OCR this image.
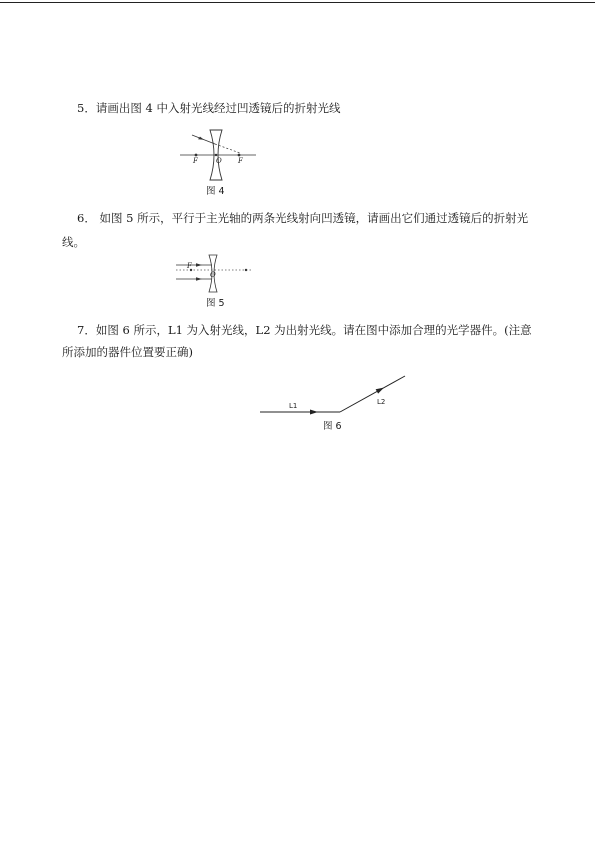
5．请画出图 4 中入射光线经过凹透镜后的折射光线
F	O F
图 4
6． 如图 5 所示，平行于主光轴的两条光线射向凹透镜，请画出它们通过透镜后的折射光
线。
F
O
图 5
7．如图 6 所示，L1 为入射光线，L2 为出射光线。请在图中添加合理的光学器件。(注意
所添加的器件位置要正确)
L1	L2
图 6
